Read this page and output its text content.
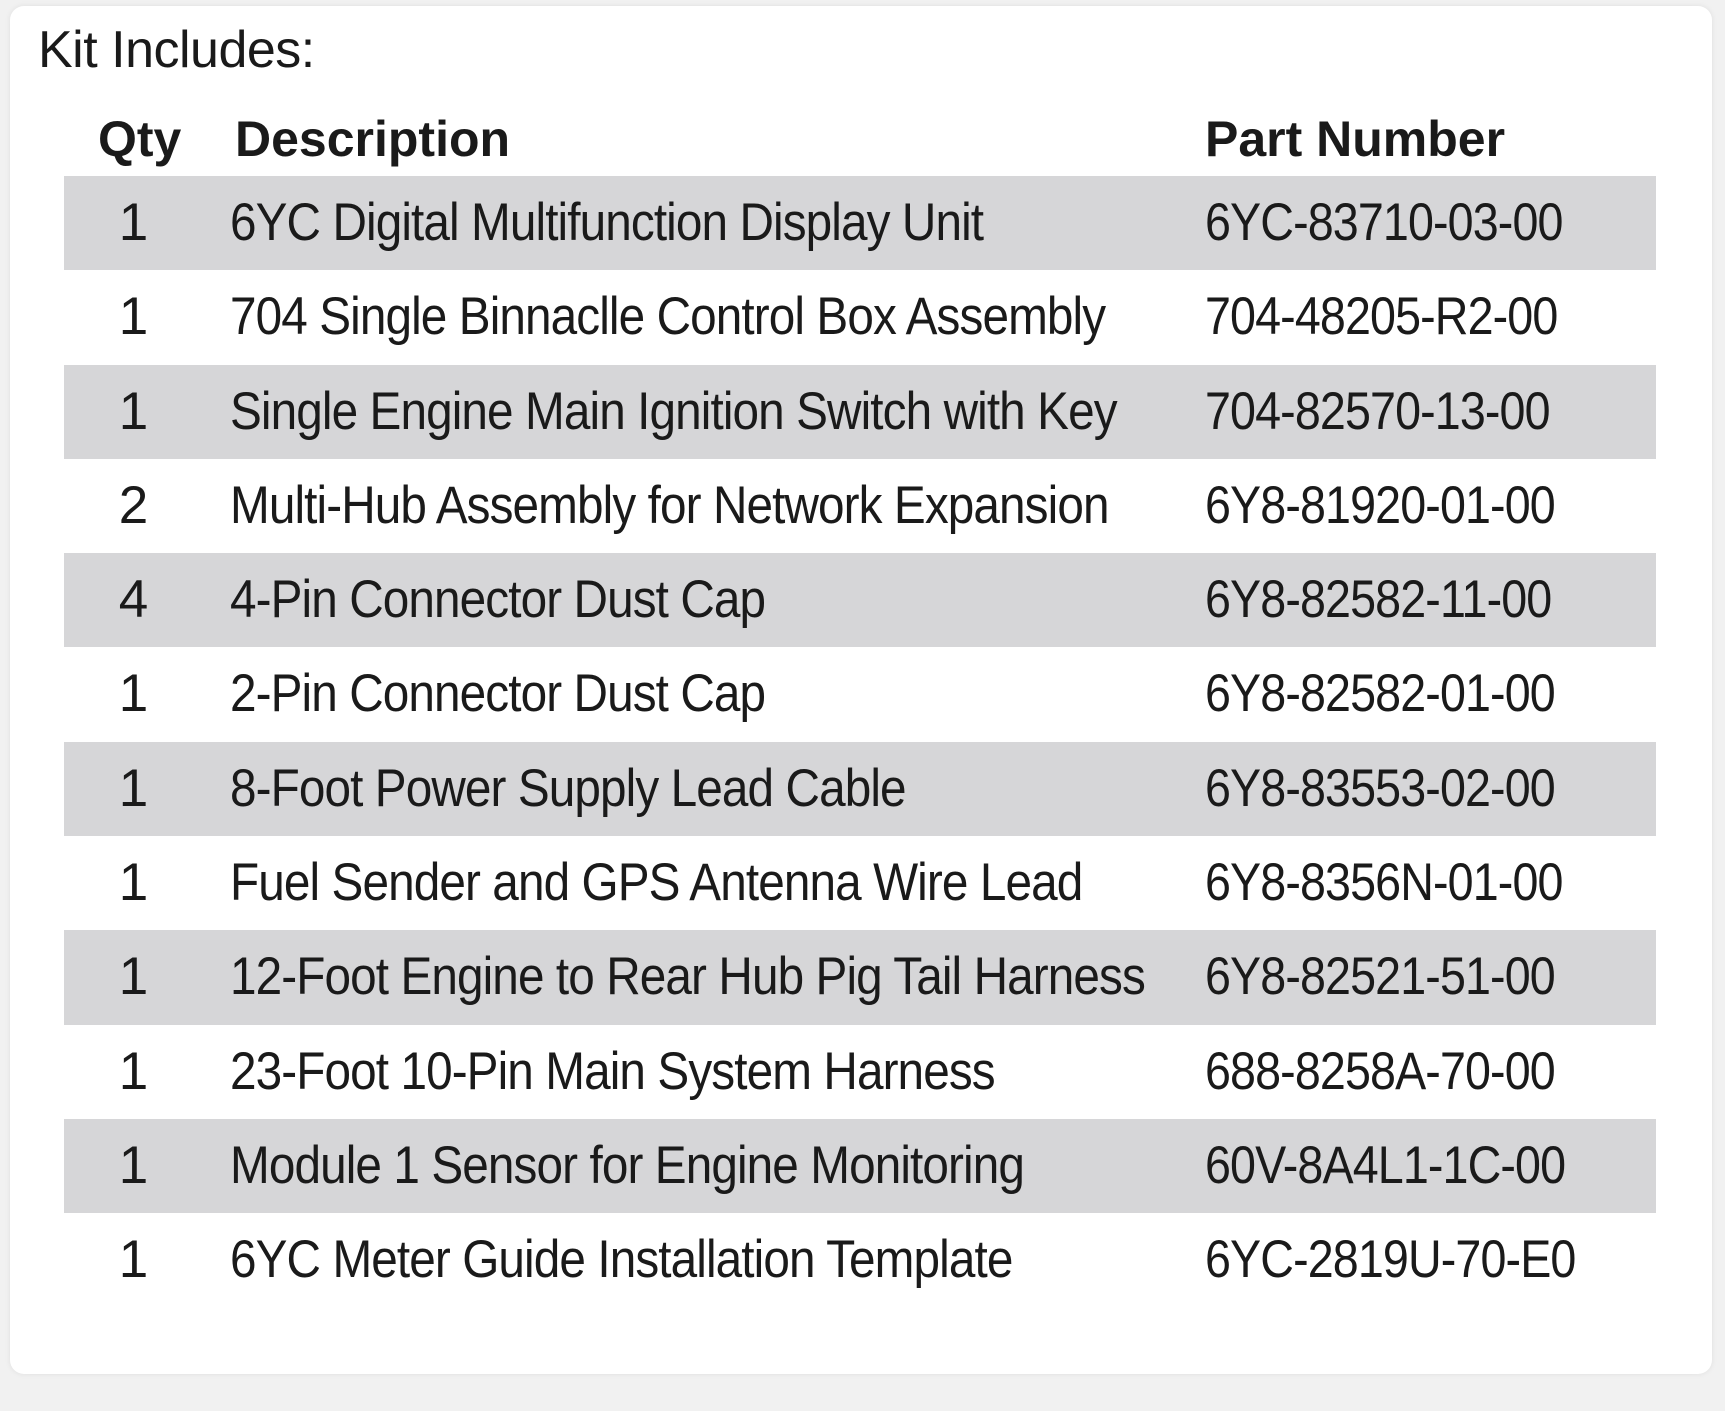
Kit Includes:
Qty Description	Part Number
1	6YC Digital Multifunction Display Unit	6YC-83710-03-00
1	704 Single Binnaclle Control Box Assembly 704-48205-R2-00
1	Single Engine Main Ignition Switch with Key 704-82570-13-00
2	Multi-Hub Assembly for Network Expansion 6Y8-81920-01-00
4	4-Pin Connector Dust Cap	6Y8-82582-11-00
1	2-Pin Connector Dust Cap	6Y8-82582-01-00
1	8-Foot Power Supply Lead Cable	6Y8-83553-02-00
1	Fuel Sender and GPS Antenna Wire Lead 6Y8-8356N-01-00
1	12-Foot Engine to Rear Hub Pig Tail Harness 6Y8-82521-51-00
1	23-Foot 10-Pin Main System Harness	688-8258A-70-00
1	Module 1 Sensor for Engine Monitoring	60V-8A4L1-1C-00
1	6YC Meter Guide Installation Template	6YC-2819U-70-E0
